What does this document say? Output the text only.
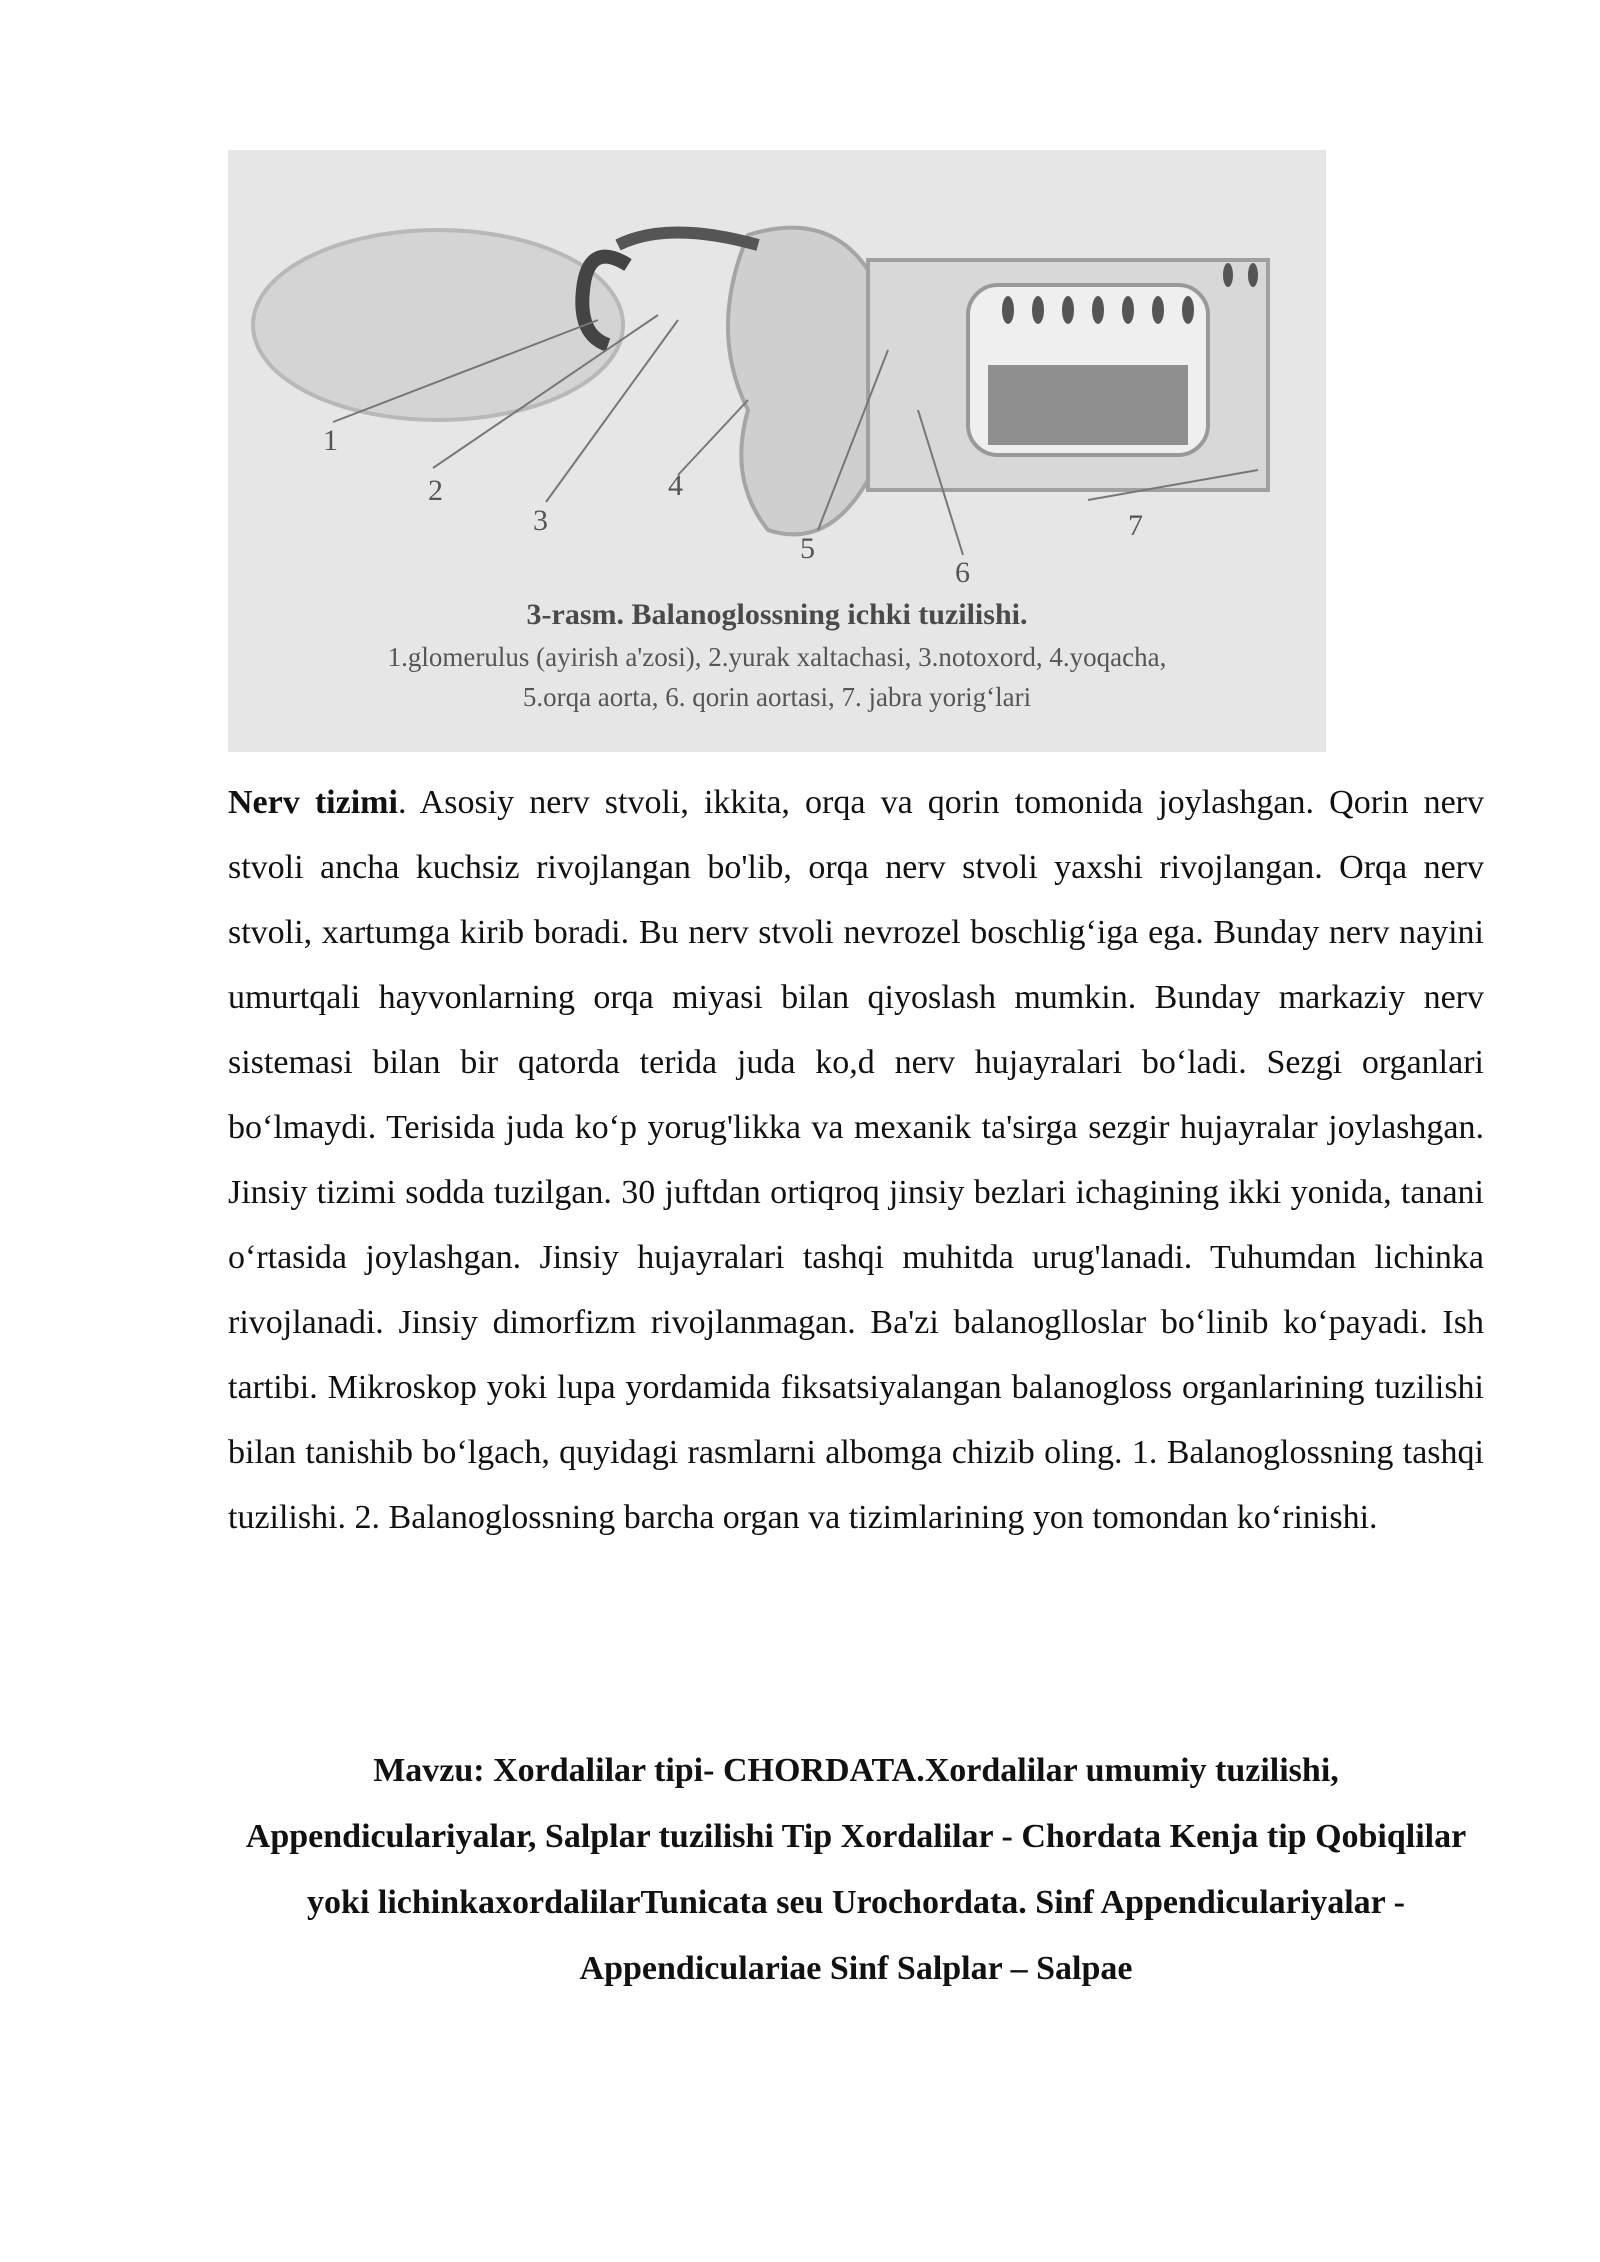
1
2
3
4
5
6
7
3-rasm. Balanoglossning ichki tuzilishi.
1.glomerulus (ayirish a'zosi), 2.yurak xaltachasi, 3.notoxord, 4.yoqacha,
5.orqa aorta, 6. qorin aortasi, 7. jabra yorig‘lari

Nerv tizimi. Asosiy nerv stvoli, ikkita, orqa va qorin tomonida joylashgan. Qorin nerv stvoli ancha kuchsiz rivojlangan bo'lib, orqa nerv stvoli yaxshi rivojlangan. Orqa nerv stvoli, xartumga kirib boradi. Bu nerv stvoli nevrozel boschlig‘iga ega. Bunday nerv nayini umurtqali hayvonlarning orqa miyasi bilan qiyoslash mumkin. Bunday markaziy nerv sistemasi bilan bir qatorda terida juda ko,d nerv hujayralari bo‘ladi. Sezgi organlari bo‘lmaydi. Terisida juda ko‘p yorug'likka va mexanik ta'sirga sezgir hujayralar joylashgan. Jinsiy tizimi sodda tuzilgan. 30 juftdan ortiqroq jinsiy bezlari ichagining ikki yonida, tanani o‘rtasida joylashgan. Jinsiy hujayralari tashqi muhitda urug'lanadi. Tuhumdan lichinka rivojlanadi. Jinsiy dimorfizm rivojlanmagan. Ba'zi balanoglloslar bo‘linib ko‘payadi. Ish tartibi. Mikroskop yoki lupa yordamida fiksatsiyalangan balanogloss organlarining tuzilishi bilan tanishib bo‘lgach, quyidagi rasmlarni albomga chizib oling. 1. Balanoglossning tashqi tuzilishi. 2. Balanoglossning barcha organ va tizimlarining yon tomondan ko‘rinishi.

Mavzu: Xordalilar tipi- CHORDATA.Xordalilar umumiy tuzilishi, Appendiculariyalar, Salplar tuzilishi Tip Xordalilar - Chordata Kenja tip Qobiqlilar yoki lichinkaxordalilarTunicata seu Urochordata. Sinf Appendiculariyalar - Appendiculariae Sinf Salplar – Salpae
